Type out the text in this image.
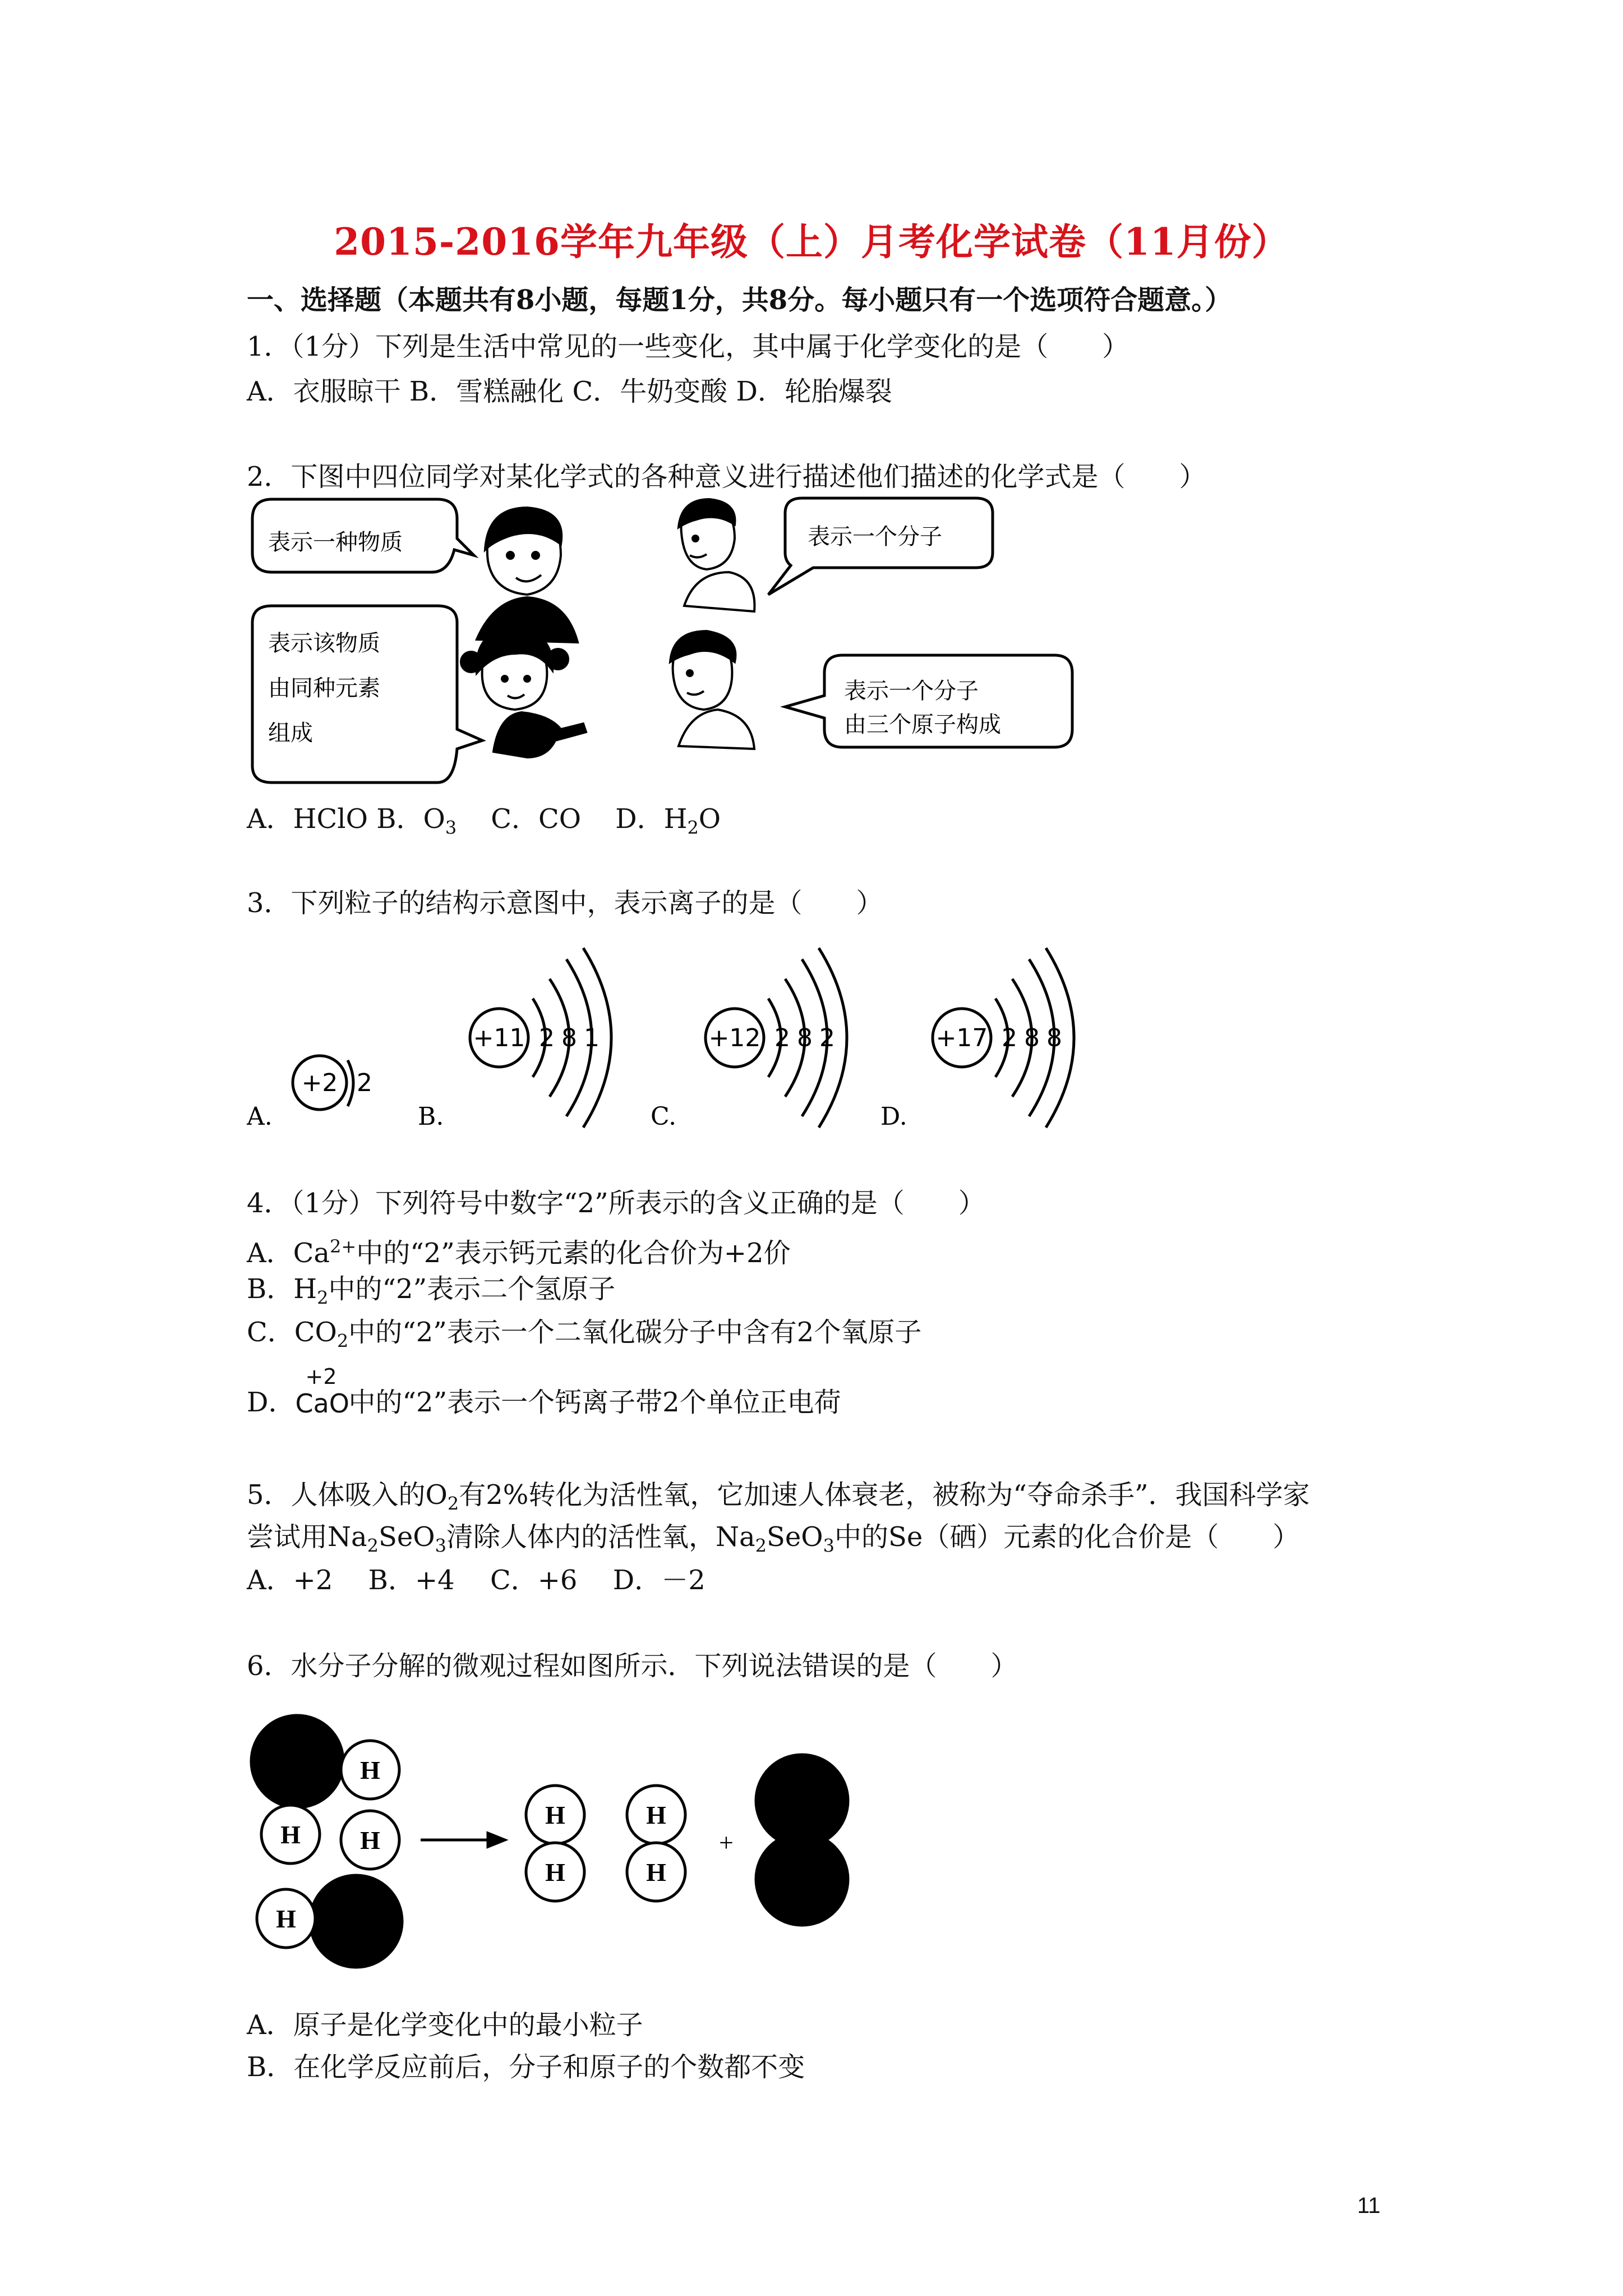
2015-2016学年九年级（上）月考化学试卷（11月份）
一、选择题（本题共有8小题，每题1分，共8分。每小题只有一个选项符合题意。）
1．（1分）下列是生活中常见的一些变化，其中属于化学变化的是（　　）
A．衣服晾干 B．雪糕融化 C．牛奶变酸 D．轮胎爆裂
2．下图中四位同学对某化学式的各种意义进行描述他们描述的化学式是（　　）
表示一种物质	表示一个分子
表示该物质
由同种元素
组成
表示一个分子
由三个原子构成
A．HClO B．$O_3$ C．CO D．$H_2O$
3．下列粒子的结构示意图中，表示离子的是（　　）
+2 2
+11 2 8 1	+12 2 8 2	+17 2 8 8
A.	B.	C.	D.
4．（1分）下列符号中数字“2”所表示的含义正确的是（　　）
A．$Ca^{2+}$中的“2”表示钙元素的化合价为+2价
B．$H_2$中的“2”表示二个氢原子
C．$CO_2$中的“2”表示一个二氧化碳分子中含有2个氧原子
D．
+2
CaO
中的“2”表示一个钙离子带2个单位正电荷
5．人体吸入的$O_2$有2%转化为活性氧，它加速人体衰老，被称为“夺命杀手”．我国科学家
尝试用$Na_2SeO_3$清除人体内的活性氧，$Na_2SeO_3$中的Se（硒）元素的化合价是（　　）
A．+2　 B．+4　 C．+6　 D．－2
6．水分子分解的微观过程如图所示．下列说法错误的是（　　）
H
H H
H
H
H
H
H
+
A．原子是化学变化中的最小粒子
B．在化学反应前后，分子和原子的个数都不变
11
